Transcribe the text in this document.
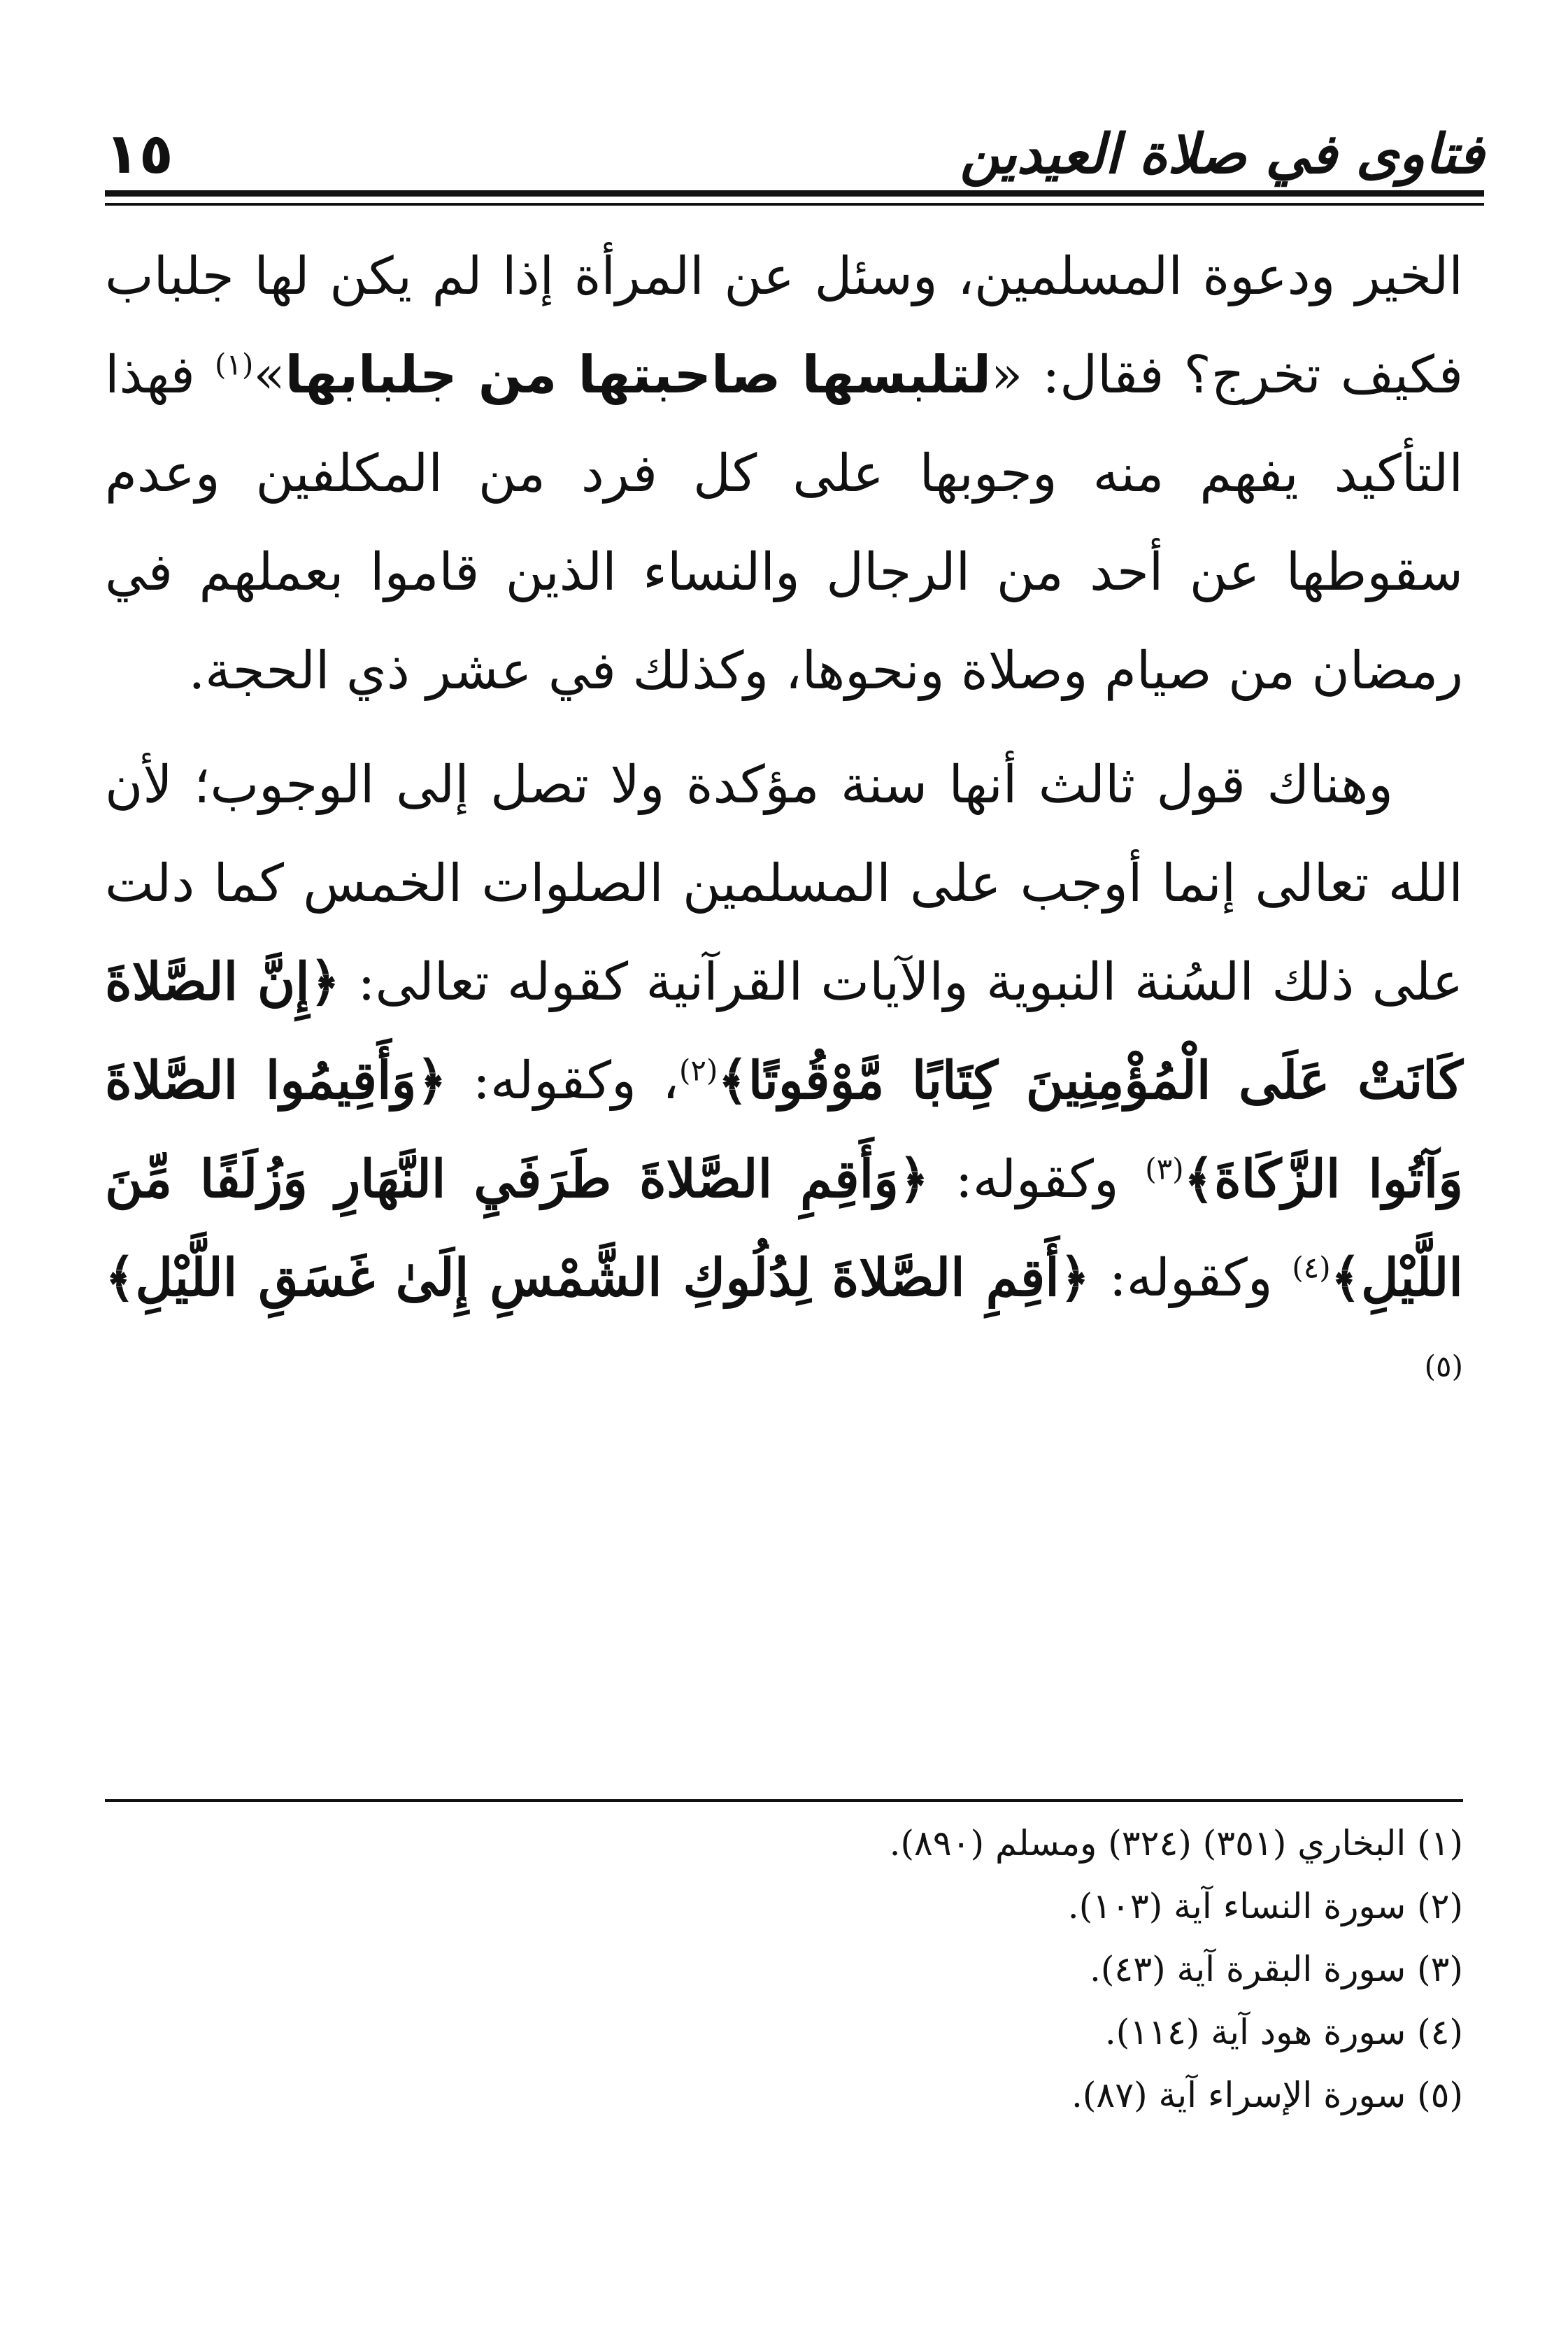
فتاوى في صلاة العيدين
١٥

الخير ودعوة المسلمين، وسئل عن المرأة إذا لم يكن لها جلباب فكيف تخرج؟ فقال: «لتلبسها صاحبتها من جلبابها»$^{(١)}$ فهذا التأكيد يفهم منه وجوبها على كل فرد من المكلفين وعدم سقوطها عن أحد من الرجال والنساء الذين قاموا بعملهم في رمضان من صيام وصلاة ونحوها، وكذلك في عشر ذي الحجة.

وهناك قول ثالث أنها سنة مؤكدة ولا تصل إلى الوجوب؛ لأن الله تعالى إنما أوجب على المسلمين الصلوات الخمس كما دلت على ذلك السُنة النبوية والآيات القرآنية كقوله تعالى: ﴿إِنَّ الصَّلاةَ كَانَتْ عَلَى الْمُؤْمِنِينَ كِتَابًا مَّوْقُوتًا﴾$^{(٢)}$، وكقوله: ﴿وَأَقِيمُوا الصَّلاةَ وَآتُوا الزَّكَاةَ﴾$^{(٣)}$ وكقوله: ﴿وَأَقِمِ الصَّلاةَ طَرَفَيِ النَّهَارِ وَزُلَفًا مِّنَ اللَّيْلِ﴾$^{(٤)}$ وكقوله: ﴿أَقِمِ الصَّلاةَ لِدُلُوكِ الشَّمْسِ إِلَىٰ غَسَقِ اللَّيْلِ﴾$^{(٥)}$

(١) البخاري (٣٥١) (٣٢٤) ومسلم (٨٩٠).
(٢) سورة النساء آية (١٠٣).
(٣) سورة البقرة آية (٤٣).
(٤) سورة هود آية (١١٤).
(٥) سورة الإسراء آية (٨٧).
